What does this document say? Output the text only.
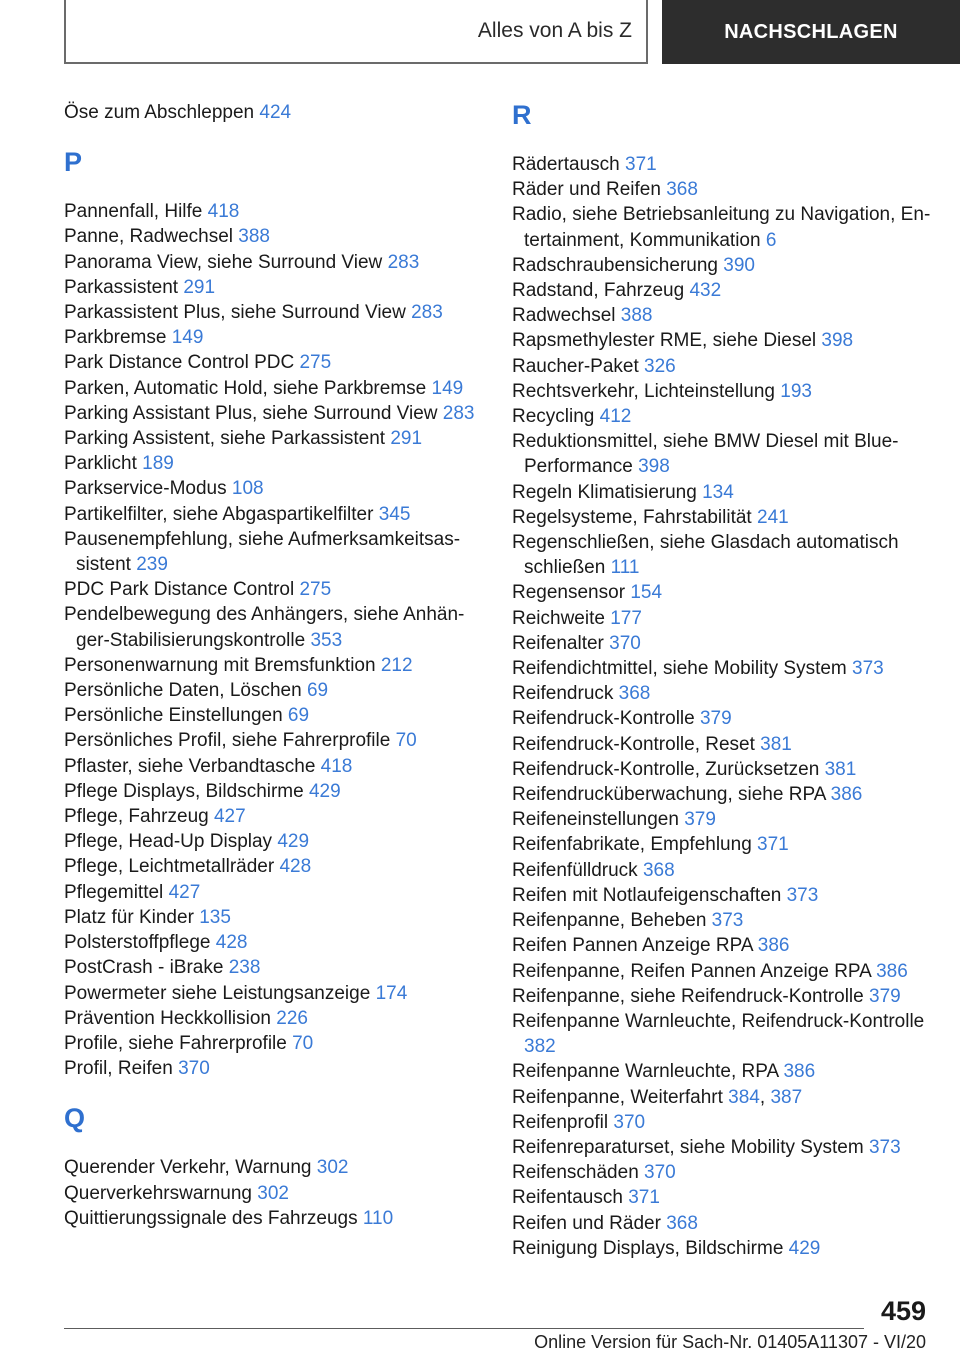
Alles von A bis Z	NACHSCHLAGEN
Öse zum Abschleppen 424
P
Pannenfall, Hilfe 418
Panne, Radwechsel 388
Panorama View, siehe Surround View 283
Parkassistent 291
Parkassistent Plus, siehe Surround View 283
Parkbremse 149
Park Distance Control PDC 275
Parken, Automatic Hold, siehe Parkbremse 149
Parking Assistant Plus, siehe Surround View 283
Parking Assistent, siehe Parkassistent 291
Parklicht 189
Parkservice-Modus 108
Partikelfilter, siehe Abgaspartikelfilter 345
Pausenempfehlung, siehe Aufmerksamkeitsassistent 239
PDC Park Distance Control 275
Pendelbewegung des Anhängers, siehe Anhänger-Stabilisierungskontrolle 353
Personenwarnung mit Bremsfunktion 212
Persönliche Daten, Löschen 69
Persönliche Einstellungen 69
Persönliches Profil, siehe Fahrerprofile 70
Pflaster, siehe Verbandtasche 418
Pflege Displays, Bildschirme 429
Pflege, Fahrzeug 427
Pflege, Head-Up Display 429
Pflege, Leichtmetallräder 428
Pflegemittel 427
Platz für Kinder 135
Polsterstoffpflege 428
PostCrash - iBrake 238
Powermeter siehe Leistungsanzeige 174
Prävention Heckkollision 226
Profile, siehe Fahrerprofile 70
Profil, Reifen 370
Q
Querender Verkehr, Warnung 302
Querverkehrswarnung 302
Quittierungssignale des Fahrzeugs 110
R
Rädertausch 371
Räder und Reifen 368
Radio, siehe Betriebsanleitung zu Navigation, Entertainment, Kommunikation 6
Radschraubensicherung 390
Radstand, Fahrzeug 432
Radwechsel 388
Rapsmethylester RME, siehe Diesel 398
Raucher-Paket 326
Rechtsverkehr, Lichteinstellung 193
Recycling 412
Reduktionsmittel, siehe BMW Diesel mit BluePerformance 398
Regeln Klimatisierung 134
Regelsysteme, Fahrstabilität 241
Regenschließen, siehe Glasdach automatisch schließen 111
Regensensor 154
Reichweite 177
Reifenalter 370
Reifendichtmittel, siehe Mobility System 373
Reifendruck 368
Reifendruck-Kontrolle 379
Reifendruck-Kontrolle, Reset 381
Reifendruck-Kontrolle, Zurücksetzen 381
Reifendrucküberwachung, siehe RPA 386
Reifeneinstellungen 379
Reifenfabrikate, Empfehlung 371
Reifenfülldruck 368
Reifen mit Notlaufeigenschaften 373
Reifenpanne, Beheben 373
Reifen Pannen Anzeige RPA 386
Reifenpanne, Reifen Pannen Anzeige RPA 386
Reifenpanne, siehe Reifendruck-Kontrolle 379
Reifenpanne Warnleuchte, Reifendruck-Kontrolle 382
Reifenpanne Warnleuchte, RPA 386
Reifenpanne, Weiterfahrt 384, 387
Reifenprofil 370
Reifenreparaturset, siehe Mobility System 373
Reifenschäden 370
Reifentausch 371
Reifen und Räder 368
Reinigung Displays, Bildschirme 429
459
Online Version für Sach-Nr. 01405A11307 - VI/20
